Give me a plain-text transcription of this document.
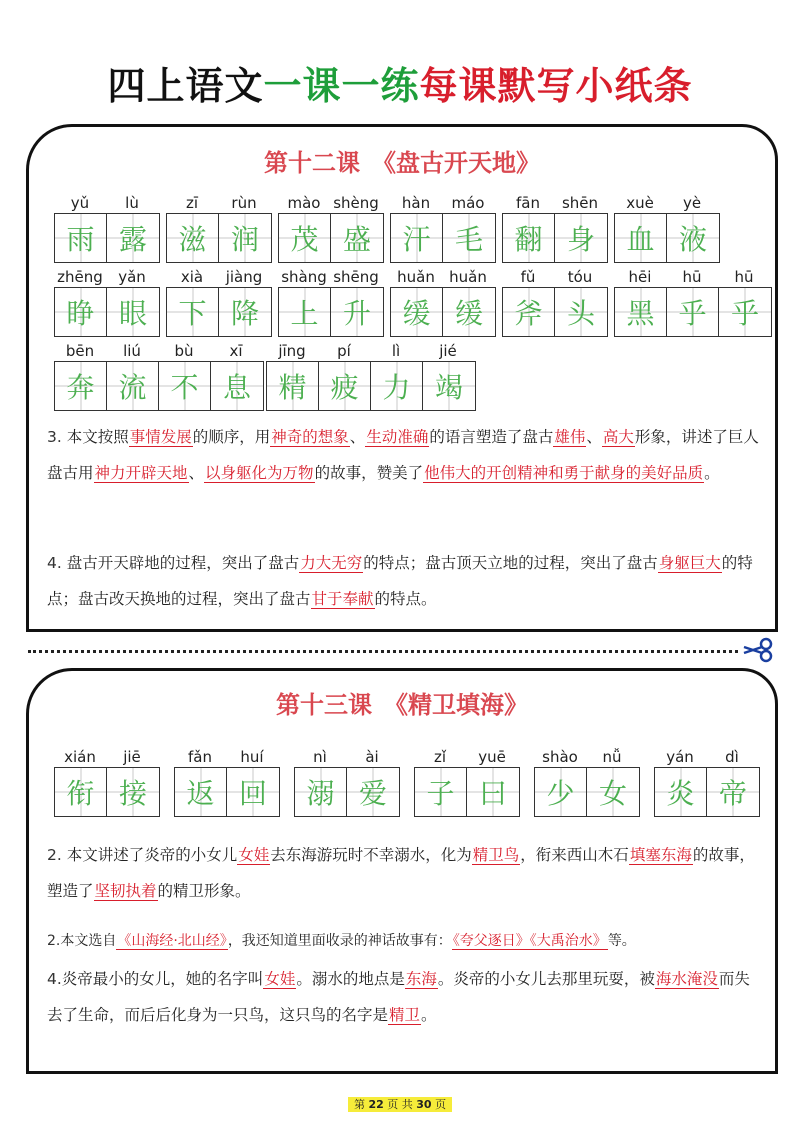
四上语文一课一练每课默写小纸条
第十二课　《盘古开天地》
yǔ	lù
雨 露
zī	rùn
滋 润
mào shèng
茂 盛
hàn	máo
汗 毛
fān	shēn
翻 身
xuè	yè
血 液
zhēng	yǎn
睁 眼
xià	jiàng
下 降
shàng shēng
上 升
huǎn huǎn
缓 缓
fǔ	tóu
斧 头
hēi	hū	hū
黑 乎 乎
bēn	liú	bù	xī
奔 流 不 息
jīng	pí	lì	jié
精 疲 力 竭
3. 本文按照事情发展的顺序，用神奇的想象、生动准确的语言塑造了盘古雄伟、高大形象，讲述了巨人盘古用神力开辟天地、以身躯化为万物的故事，赞美了他伟大的开创精神和勇于献身的美好品质。
4. 盘古开天辟地的过程，突出了盘古力大无穷的特点；盘古顶天立地的过程，突出了盘古身躯巨大的特点；盘古改天换地的过程，突出了盘古甘于奉献的特点。
第十三课　《精卫填海》
xián	jiē
衔 接
fǎn	huí
返 回
nì	ài
溺 爱
zǐ	yuē
子 曰
shào	nǚ
少 女
yán	dì
炎 帝
2. 本文讲述了炎帝的小女儿女娃去东海游玩时不幸溺水，化为精卫鸟，衔来西山木石填塞东海的故事，塑造了坚韧执着的精卫形象。
2.本文选自《山海经·北山经》，我还知道里面收录的神话故事有：《夸父逐日》《大禹治水》等。
4.炎帝最小的女儿，她的名字叫女娃。溺水的地点是东海。炎帝的小女儿去那里玩耍，被海水淹没而失去了生命，而后后化身为一只鸟，这只鸟的名字是精卫。
第 22 页 共 30 页
